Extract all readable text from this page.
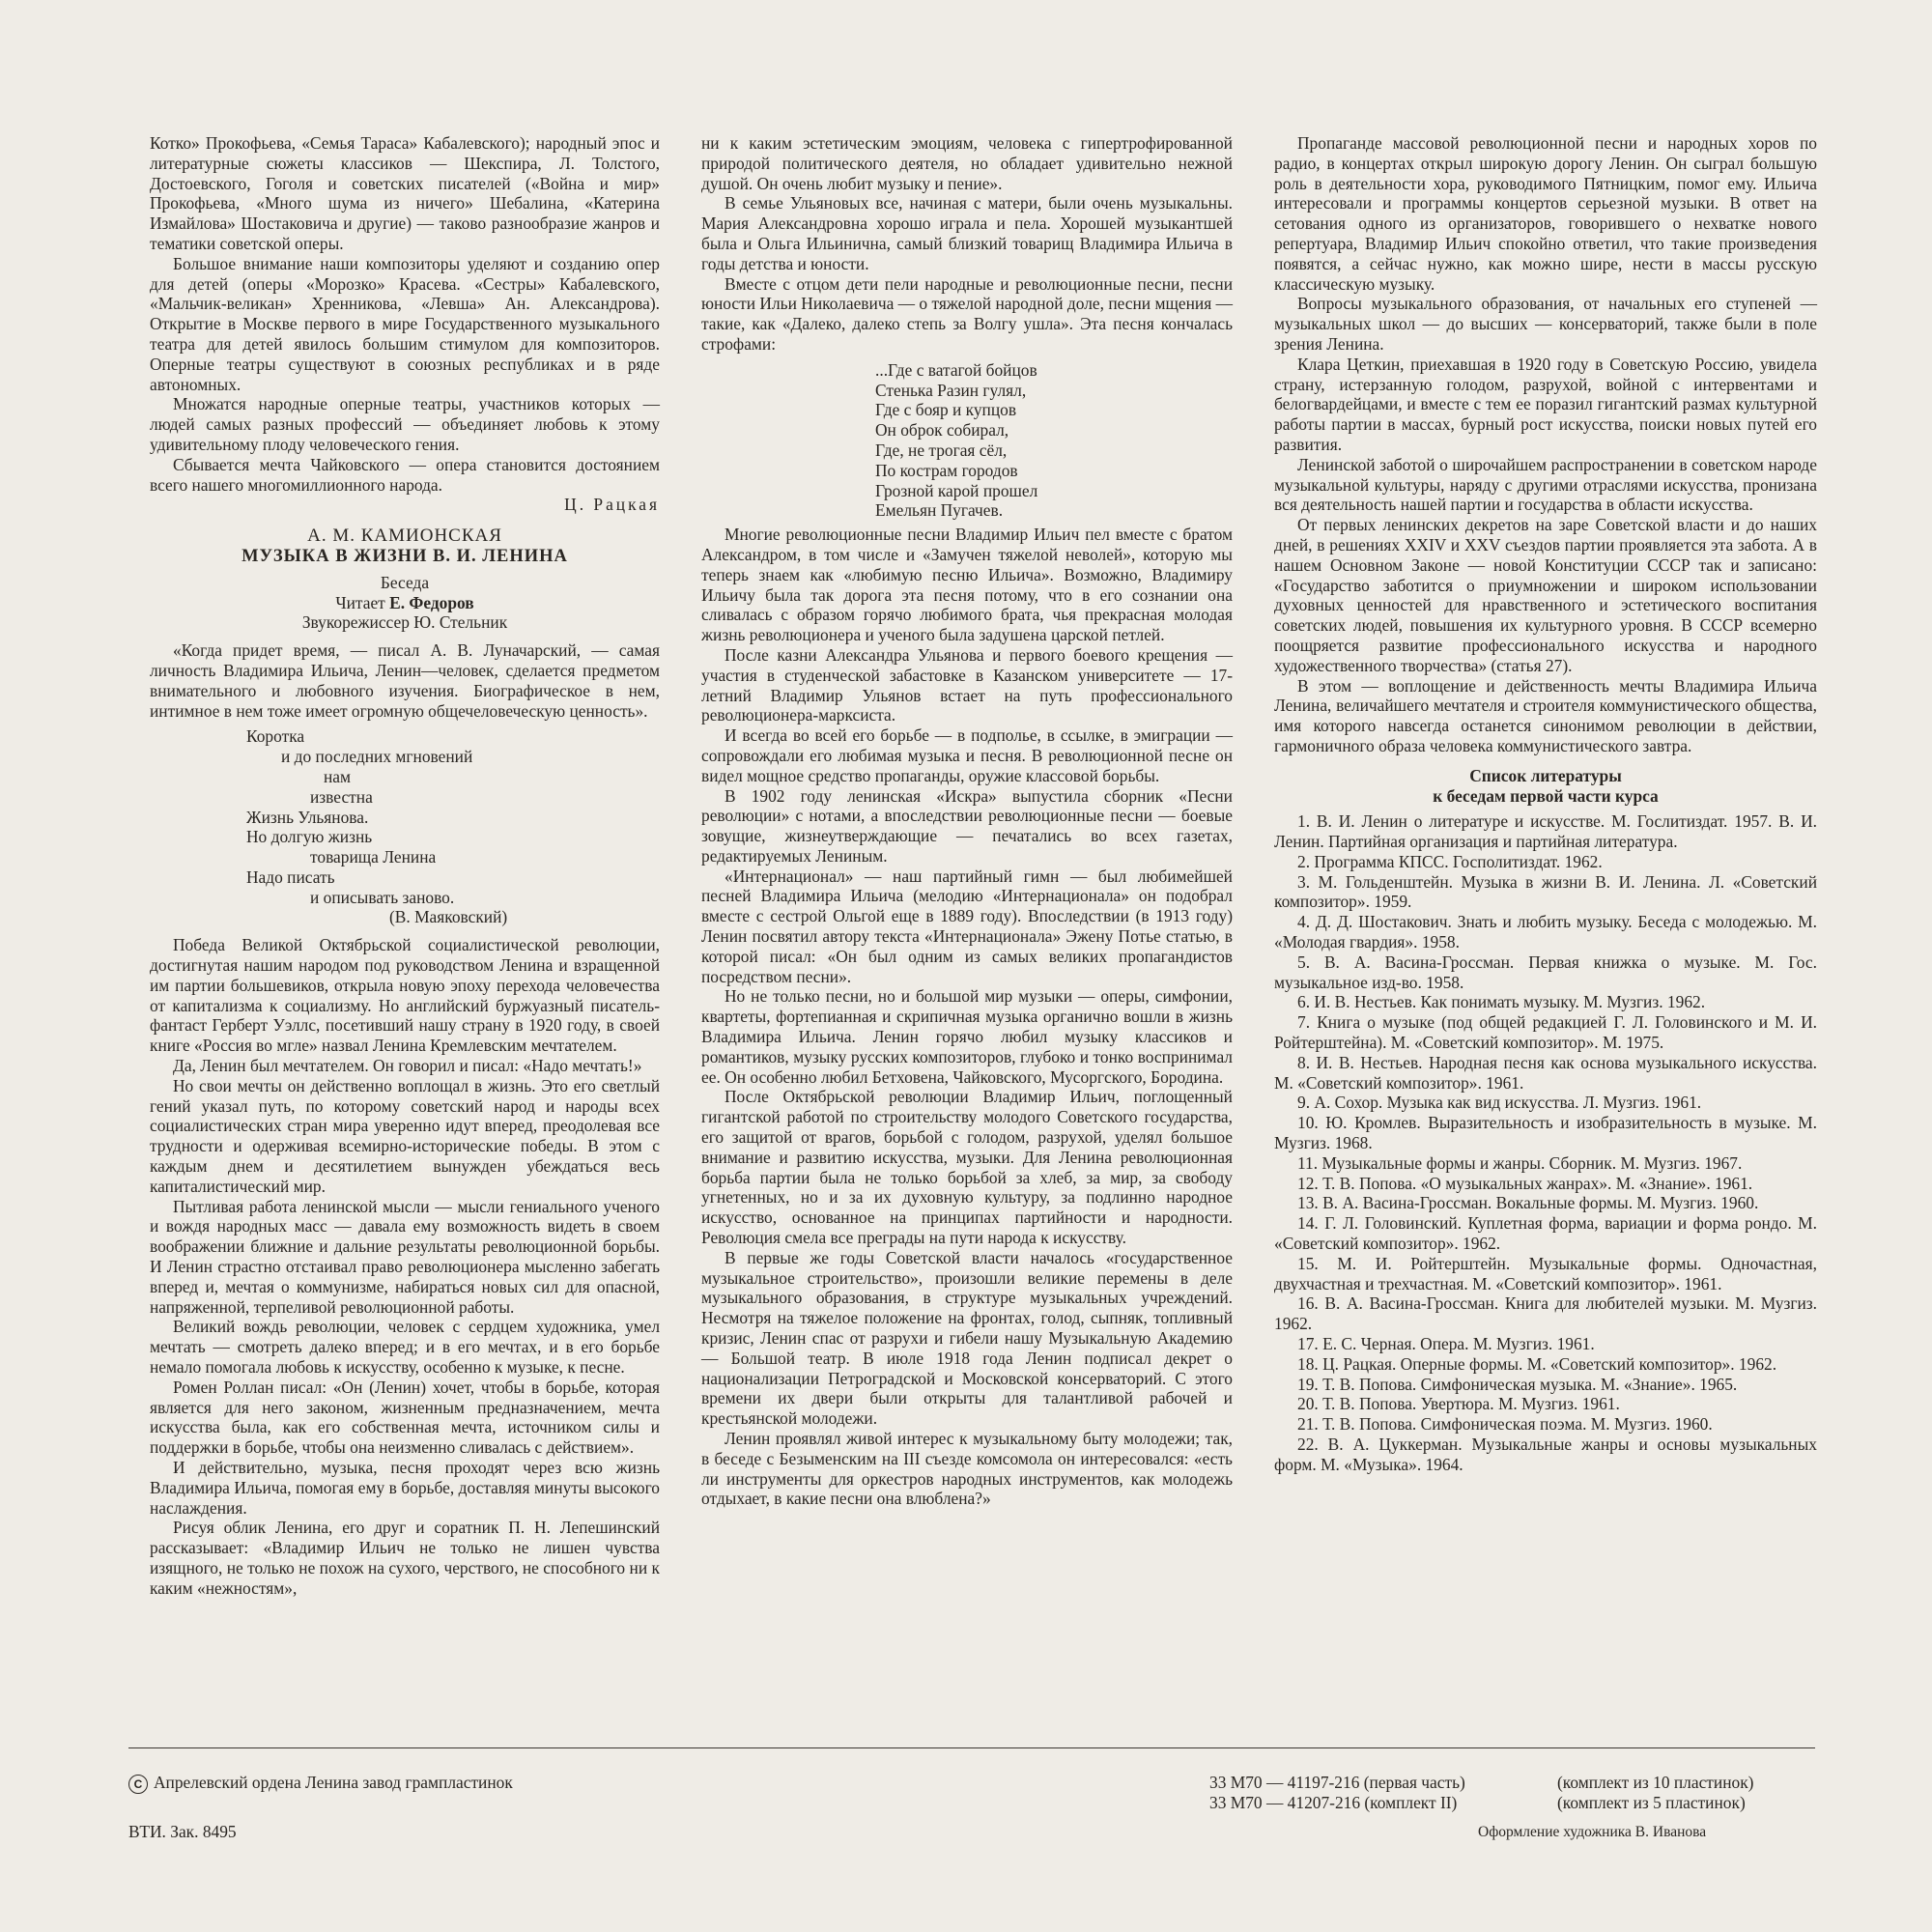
Котко» Прокофьева, «Семья Тараса» Кабалевского); народный эпос и литературные сюжеты классиков — Шекспира, Л. Толстого, Достоевского, Гоголя и советских писателей («Война и мир» Прокофьева, «Много шума из ничего» Шебалина, «Катерина Измайлова» Шостаковича и другие) — таково разнообразие жанров и тематики советской оперы.

Большое внимание наши композиторы уделяют и созданию опер для детей (оперы «Морозко» Красева. «Сестры» Кабалевского, «Мальчик-великан» Хренникова, «Левша» Ан. Александрова). Открытие в Москве первого в мире Государственного музыкального театра для детей явилось большим стимулом для композиторов. Оперные театры существуют в союзных республиках и в ряде автономных.

Множатся народные оперные театры, участников которых — людей самых разных профессий — объединяет любовь к этому удивительному плоду человеческого гения.

Сбывается мечта Чайковского — опера становится достоянием всего нашего многомиллионного народа.

Ц. Рацкая

А. М. КАМИОНСКАЯ

МУЗЫКА В ЖИЗНИ В. И. ЛЕНИНА

Беседа

Читает Е. Федоров

Звукорежиссер Ю. Стельник

«Когда придет время, — писал А. В. Луначарский, — самая личность Владимира Ильича, Ленин—человек, сделается предметом внимательного и любовного изучения. Биографическое в нем, интимное в нем тоже имеет огромную общечеловеческую ценность».

Коротка
и до последних мгновений
нам
известна
Жизнь Ульянова.
Но долгую жизнь
товарища Ленина
Надо писать
и описывать заново.
(В. Маяковский)

Победа Великой Октябрьской социалистической революции, достигнутая нашим народом под руководством Ленина и взращенной им партии большевиков, открыла новую эпоху перехода человечества от капитализма к социализму. Но английский буржуазный писатель-фантаст Герберт Уэллс, посетивший нашу страну в 1920 году, в своей книге «Россия во мгле» назвал Ленина Кремлевским мечтателем.

Да, Ленин был мечтателем. Он говорил и писал: «Надо мечтать!»

Но свои мечты он действенно воплощал в жизнь. Это его светлый гений указал путь, по которому советский народ и народы всех социалистических стран мира уверенно идут вперед, преодолевая все трудности и одерживая всемирно-исторические победы. В этом с каждым днем и десятилетием вынужден убеждаться весь капиталистический мир.

Пытливая работа ленинской мысли — мысли гениального ученого и вождя народных масс — давала ему возможность видеть в своем воображении ближние и дальние результаты революционной борьбы. И Ленин страстно отстаивал право революционера мысленно забегать вперед и, мечтая о коммунизме, набираться новых сил для опасной, напряженной, терпеливой революционной работы.

Великий вождь революции, человек с сердцем художника, умел мечтать — смотреть далеко вперед; и в его мечтах, и в его борьбе немало помогала любовь к искусству, особенно к музыке, к песне.

Ромен Роллан писал: «Он (Ленин) хочет, чтобы в борьбе, которая является для него законом, жизненным предназначением, мечта искусства была, как его собственная мечта, источником силы и поддержки в борьбе, чтобы она неизменно сливалась с действием».

И действительно, музыка, песня проходят через всю жизнь Владимира Ильича, помогая ему в борьбе, доставляя минуты высокого наслаждения.

Рисуя облик Ленина, его друг и соратник П. Н. Лепешинский рассказывает: «Владимир Ильич не только не лишен чувства изящного, не только не похож на сухого, черствого, не способного ни к каким «нежностям»,

ни к каким эстетическим эмоциям, человека с гипертрофированной природой политического деятеля, но обладает удивительно нежной душой. Он очень любит музыку и пение».

В семье Ульяновых все, начиная с матери, были очень музыкальны. Мария Александровна хорошо играла и пела. Хорошей музыкантшей была и Ольга Ильинична, самый близкий товарищ Владимира Ильича в годы детства и юности.

Вместе с отцом дети пели народные и революционные песни, песни юности Ильи Николаевича — о тяжелой народной доле, песни мщения — такие, как «Далеко, далеко степь за Волгу ушла». Эта песня кончалась строфами:

...Где с ватагой бойцов
Стенька Разин гулял,
Где с бояр и купцов
Он оброк собирал,
Где, не трогая сёл,
По кострам городов
Грозной карой прошел
Емельян Пугачев.

Многие революционные песни Владимир Ильич пел вместе с братом Александром, в том числе и «Замучен тяжелой неволей», которую мы теперь знаем как «любимую песню Ильича». Возможно, Владимиру Ильичу была так дорога эта песня потому, что в его сознании она сливалась с образом горячо любимого брата, чья прекрасная молодая жизнь революционера и ученого была задушена царской петлей.

После казни Александра Ульянова и первого боевого крещения — участия в студенческой забастовке в Казанском университете — 17-летний Владимир Ульянов встает на путь профессионального революционера-марксиста.

И всегда во всей его борьбе — в подполье, в ссылке, в эмиграции — сопровождали его любимая музыка и песня. В революционной песне он видел мощное средство пропаганды, оружие классовой борьбы.

В 1902 году ленинская «Искра» выпустила сборник «Песни революции» с нотами, а впоследствии революционные песни — боевые зовущие, жизнеутверждающие — печатались во всех газетах, редактируемых Лениным.

«Интернационал» — наш партийный гимн — был любимейшей песней Владимира Ильича (мелодию «Интернационала» он подобрал вместе с сестрой Ольгой еще в 1889 году). Впоследствии (в 1913 году) Ленин посвятил автору текста «Интернационала» Эжену Потье статью, в которой писал: «Он был одним из самых великих пропагандистов посредством песни».

Но не только песни, но и большой мир музыки — оперы, симфонии, квартеты, фортепианная и скрипичная музыка органично вошли в жизнь Владимира Ильича. Ленин горячо любил музыку классиков и романтиков, музыку русских композиторов, глубоко и тонко воспринимал ее. Он особенно любил Бетховена, Чайковского, Мусоргского, Бородина.

После Октябрьской революции Владимир Ильич, поглощенный гигантской работой по строительству молодого Советского государства, его защитой от врагов, борьбой с голодом, разрухой, уделял большое внимание и развитию искусства, музыки. Для Ленина революционная борьба партии была не только борьбой за хлеб, за мир, за свободу угнетенных, но и за их духовную культуру, за подлинно народное искусство, основанное на принципах партийности и народности. Революция смела все преграды на пути народа к искусству.

В первые же годы Советской власти началось «государственное музыкальное строительство», произошли великие перемены в деле музыкального образования, в структуре музыкальных учреждений. Несмотря на тяжелое положение на фронтах, голод, сыпняк, топливный кризис, Ленин спас от разрухи и гибели нашу Музыкальную Академию — Большой театр. В июле 1918 года Ленин подписал декрет о национализации Петроградской и Московской консерваторий. С этого времени их двери были открыты для талантливой рабочей и крестьянской молодежи.

Ленин проявлял живой интерес к музыкальному быту молодежи; так, в беседе с Безыменским на III съезде комсомола он интересовался: «есть ли инструменты для оркестров народных инструментов, как молодежь отдыхает, в какие песни она влюблена?»

Пропаганде массовой революционной песни и народных хоров по радио, в концертах открыл широкую дорогу Ленин. Он сыграл большую роль в деятельности хора, руководимого Пятницким, помог ему. Ильича интересовали и программы концертов серьезной музыки. В ответ на сетования одного из организаторов, говорившего о нехватке нового репертуара, Владимир Ильич спокойно ответил, что такие произведения появятся, а сейчас нужно, как можно шире, нести в массы русскую классическую музыку.

Вопросы музыкального образования, от начальных его ступеней — музыкальных школ — до высших — консерваторий, также были в поле зрения Ленина.

Клара Цеткин, приехавшая в 1920 году в Советскую Россию, увидела страну, истерзанную голодом, разрухой, войной с интервентами и белогвардейцами, и вместе с тем ее поразил гигантский размах культурной работы партии в массах, бурный рост искусства, поиски новых путей его развития.

Ленинской заботой о широчайшем распространении в советском народе музыкальной культуры, наряду с другими отраслями искусства, пронизана вся деятельность нашей партии и государства в области искусства.

От первых ленинских декретов на заре Советской власти и до наших дней, в решениях XXIV и XXV съездов партии проявляется эта забота. А в нашем Основном Законе — новой Конституции СССР так и записано: «Государство заботится о приумножении и широком использовании духовных ценностей для нравственного и эстетического воспитания советских людей, повышения их культурного уровня. В СССР всемерно поощряется развитие профессионального искусства и народного художественного творчества» (статья 27).

В этом — воплощение и действенность мечты Владимира Ильича Ленина, величайшего мечтателя и строителя коммунистического общества, имя которого навсегда останется синонимом революции в действии, гармоничного образа человека коммунистического завтра.

Список литературы

к беседам первой части курса

1. В. И. Ленин о литературе и искусстве. М. Гослитиздат. 1957. В. И. Ленин. Партийная организация и партийная литература.

2. Программа КПСС. Госполитиздат. 1962.

3. М. Гольденштейн. Музыка в жизни В. И. Ленина. Л. «Советский композитор». 1959.

4. Д. Д. Шостакович. Знать и любить музыку. Беседа с молодежью. М. «Молодая гвардия». 1958.

5. В. А. Васина-Гроссман. Первая книжка о музыке. М. Гос. музыкальное изд-во. 1958.

6. И. В. Нестьев. Как понимать музыку. М. Музгиз. 1962.

7. Книга о музыке (под общей редакцией Г. Л. Головинского и М. И. Ройтерштейна). М. «Советский композитор». М. 1975.

8. И. В. Нестьев. Народная песня как основа музыкального искусства. М. «Советский композитор». 1961.

9. А. Сохор. Музыка как вид искусства. Л. Музгиз. 1961.

10. Ю. Кромлев. Выразительность и изобразительность в музыке. М. Музгиз. 1968.

11. Музыкальные формы и жанры. Сборник. М. Музгиз. 1967.

12. Т. В. Попова. «О музыкальных жанрах». М. «Знание». 1961.

13. В. А. Васина-Гроссман. Вокальные формы. М. Музгиз. 1960.

14. Г. Л. Головинский. Куплетная форма, вариации и форма рондо. М. «Советский композитор». 1962.

15. М. И. Ройтерштейн. Музыкальные формы. Одночастная, двухчастная и трехчастная. М. «Советский композитор». 1961.

16. В. А. Васина-Гроссман. Книга для любителей музыки. М. Музгиз. 1962.

17. Е. С. Черная. Опера. М. Музгиз. 1961.

18. Ц. Рацкая. Оперные формы. М. «Советский композитор». 1962.

19. Т. В. Попова. Симфоническая музыка. М. «Знание». 1965.

20. Т. В. Попова. Увертюра. М. Музгиз. 1961.

21. Т. В. Попова. Симфоническая поэма. М. Музгиз. 1960.

22. В. А. Цуккерман. Музыкальные жанры и основы музыкальных форм. М. «Музыка». 1964.

C Апрелевский ордена Ленина завод грампластинок
ВТИ. Зак. 8495
33 М70 — 41197-216 (первая часть)
33 М70 — 41207-216 (комплект II)
(комплект из 10 пластинок)
(комплект из 5 пластинок)
Оформление художника В. Иванова
